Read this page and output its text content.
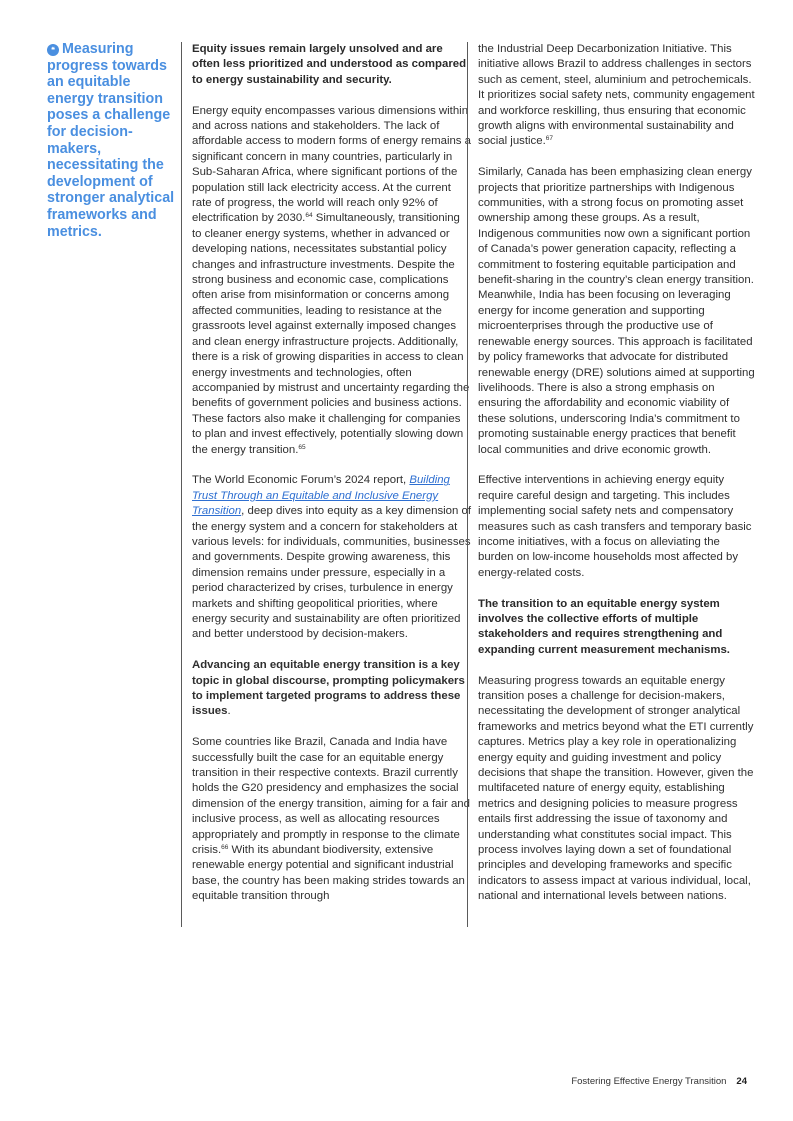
❝ Measuring progress towards an equitable energy transition poses a challenge for decision-makers, necessitating the development of stronger analytical frameworks and metrics.

Equity issues remain largely unsolved and are often less prioritized and understood as compared to energy sustainability and security.

Energy equity encompasses various dimensions within and across nations and stakeholders. The lack of affordable access to modern forms of energy remains a significant concern in many countries, particularly in Sub-Saharan Africa, where significant portions of the population still lack electricity access. At the current rate of progress, the world will reach only 92% of electrification by 2030.64 Simultaneously, transitioning to cleaner energy systems, whether in advanced or developing nations, necessitates substantial policy changes and infrastructure investments. Despite the strong business and economic case, complications often arise from misinformation or concerns among affected communities, leading to resistance at the grassroots level against externally imposed changes and clean energy infrastructure projects. Additionally, there is a risk of growing disparities in access to clean energy investments and technologies, often accompanied by mistrust and uncertainty regarding the benefits of government policies and business actions. These factors also make it challenging for companies to plan and invest effectively, potentially slowing down the energy transition.$^{65}$

The World Economic Forum’s 2024 report, Building Trust Through an Equitable and Inclusive Energy Transition, deep dives into equity as a key dimension of the energy system and a concern for stakeholders at various levels: for individuals, communities, businesses and governments. Despite growing awareness, this dimension remains under pressure, especially in a period characterized by crises, turbulence in energy markets and shifting geopolitical priorities, where energy security and sustainability are often prioritized and better understood by decision-makers.

Advancing an equitable energy transition is a key topic in global discourse, prompting policymakers to implement targeted programs to address these issues.

Some countries like Brazil, Canada and India have successfully built the case for an equitable energy transition in their respective contexts. Brazil currently holds the G20 presidency and emphasizes the social dimension of the energy transition, aiming for a fair and inclusive process, as well as allocating resources appropriately and promptly in response to the climate crisis.$^{66}$ With its abundant biodiversity, extensive renewable energy potential and significant industrial base, the country has been making strides towards an equitable transition through

the Industrial Deep Decarbonization Initiative. This initiative allows Brazil to address challenges in sectors such as cement, steel, aluminium and petrochemicals. It prioritizes social safety nets, community engagement and workforce reskilling, thus ensuring that economic growth aligns with environmental sustainability and social justice.$^{67}$

Similarly, Canada has been emphasizing clean energy projects that prioritize partnerships with Indigenous communities, with a strong focus on promoting asset ownership among these groups. As a result, Indigenous communities now own a significant portion of Canada’s power generation capacity, reflecting a commitment to fostering equitable participation and benefit-sharing in the country’s clean energy transition. Meanwhile, India has been focusing on leveraging energy for income generation and supporting microenterprises through the productive use of renewable energy sources. This approach is facilitated by policy frameworks that advocate for distributed renewable energy (DRE) solutions aimed at supporting livelihoods. There is also a strong emphasis on ensuring the affordability and economic viability of these solutions, underscoring India’s commitment to promoting sustainable energy practices that benefit local communities and drive economic growth.

Effective interventions in achieving energy equity require careful design and targeting. This includes implementing social safety nets and compensatory measures such as cash transfers and temporary basic income initiatives, with a focus on alleviating the burden on low-income households most affected by energy-related costs.

The transition to an equitable energy system involves the collective efforts of multiple stakeholders and requires strengthening and expanding current measurement mechanisms.

Measuring progress towards an equitable energy transition poses a challenge for decision-makers, necessitating the development of stronger analytical frameworks and metrics beyond what the ETI currently captures. Metrics play a key role in operationalizing energy equity and guiding investment and policy decisions that shape the transition. However, given the multifaceted nature of energy equity, establishing metrics and designing policies to measure progress entails first addressing the issue of taxonomy and understanding what constitutes social impact. This process involves laying down a set of foundational principles and developing frameworks and specific indicators to assess impact at various individual, local, national and international levels between nations.

Fostering Effective Energy Transition 24
